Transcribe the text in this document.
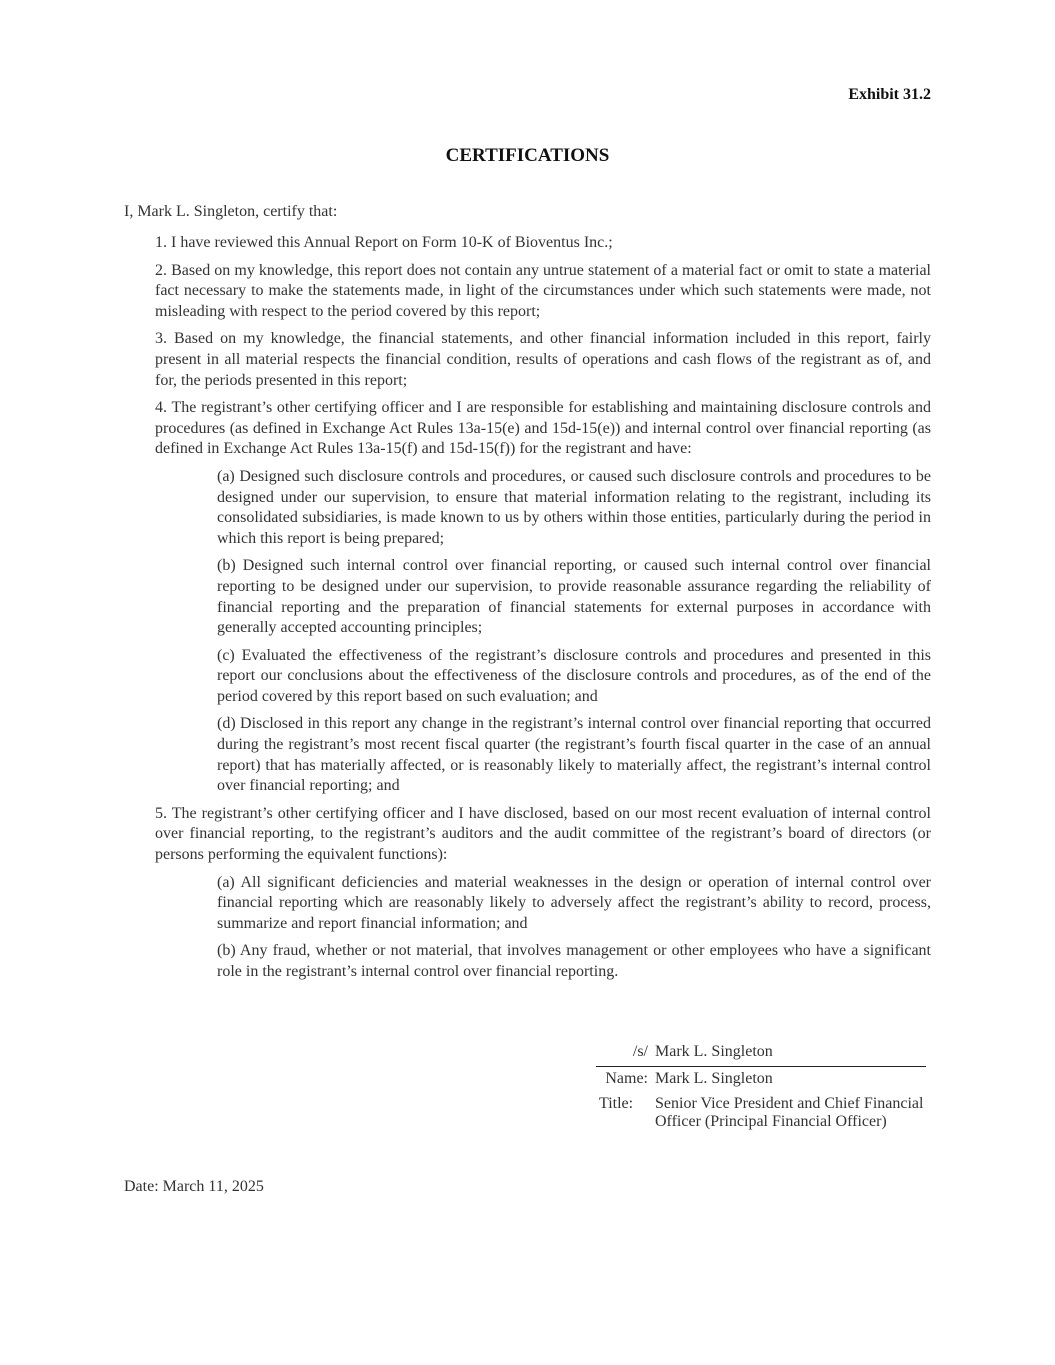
Exhibit 31.2
CERTIFICATIONS
I, Mark L. Singleton, certify that:
1. I have reviewed this Annual Report on Form 10-K of Bioventus Inc.;
2. Based on my knowledge, this report does not contain any untrue statement of a material fact or omit to state a material fact necessary to make the statements made, in light of the circumstances under which such statements were made, not misleading with respect to the period covered by this report;
3. Based on my knowledge, the financial statements, and other financial information included in this report, fairly present in all material respects the financial condition, results of operations and cash flows of the registrant as of, and for, the periods presented in this report;
4. The registrant’s other certifying officer and I are responsible for establishing and maintaining disclosure controls and procedures (as defined in Exchange Act Rules 13a-15(e) and 15d-15(e)) and internal control over financial reporting (as defined in Exchange Act Rules 13a-15(f) and 15d-15(f)) for the registrant and have:
(a) Designed such disclosure controls and procedures, or caused such disclosure controls and procedures to be designed under our supervision, to ensure that material information relating to the registrant, including its consolidated subsidiaries, is made known to us by others within those entities, particularly during the period in which this report is being prepared;
(b) Designed such internal control over financial reporting, or caused such internal control over financial reporting to be designed under our supervision, to provide reasonable assurance regarding the reliability of financial reporting and the preparation of financial statements for external purposes in accordance with generally accepted accounting principles;
(c) Evaluated the effectiveness of the registrant’s disclosure controls and procedures and presented in this report our conclusions about the effectiveness of the disclosure controls and procedures, as of the end of the period covered by this report based on such evaluation; and
(d) Disclosed in this report any change in the registrant’s internal control over financial reporting that occurred during the registrant’s most recent fiscal quarter (the registrant’s fourth fiscal quarter in the case of an annual report) that has materially affected, or is reasonably likely to materially affect, the registrant’s internal control over financial reporting; and
5. The registrant’s other certifying officer and I have disclosed, based on our most recent evaluation of internal control over financial reporting, to the registrant’s auditors and the audit committee of the registrant’s board of directors (or persons performing the equivalent functions):
(a) All significant deficiencies and material weaknesses in the design or operation of internal control over financial reporting which are reasonably likely to adversely affect the registrant’s ability to record, process, summarize and report financial information; and
(b) Any fraud, whether or not material, that involves management or other employees who have a significant role in the registrant’s internal control over financial reporting.
/s/ Mark L. Singleton
Name: Mark L. Singleton
Title:	Senior Vice President and Chief Financial Officer (Principal Financial Officer)
Date: March 11, 2025
